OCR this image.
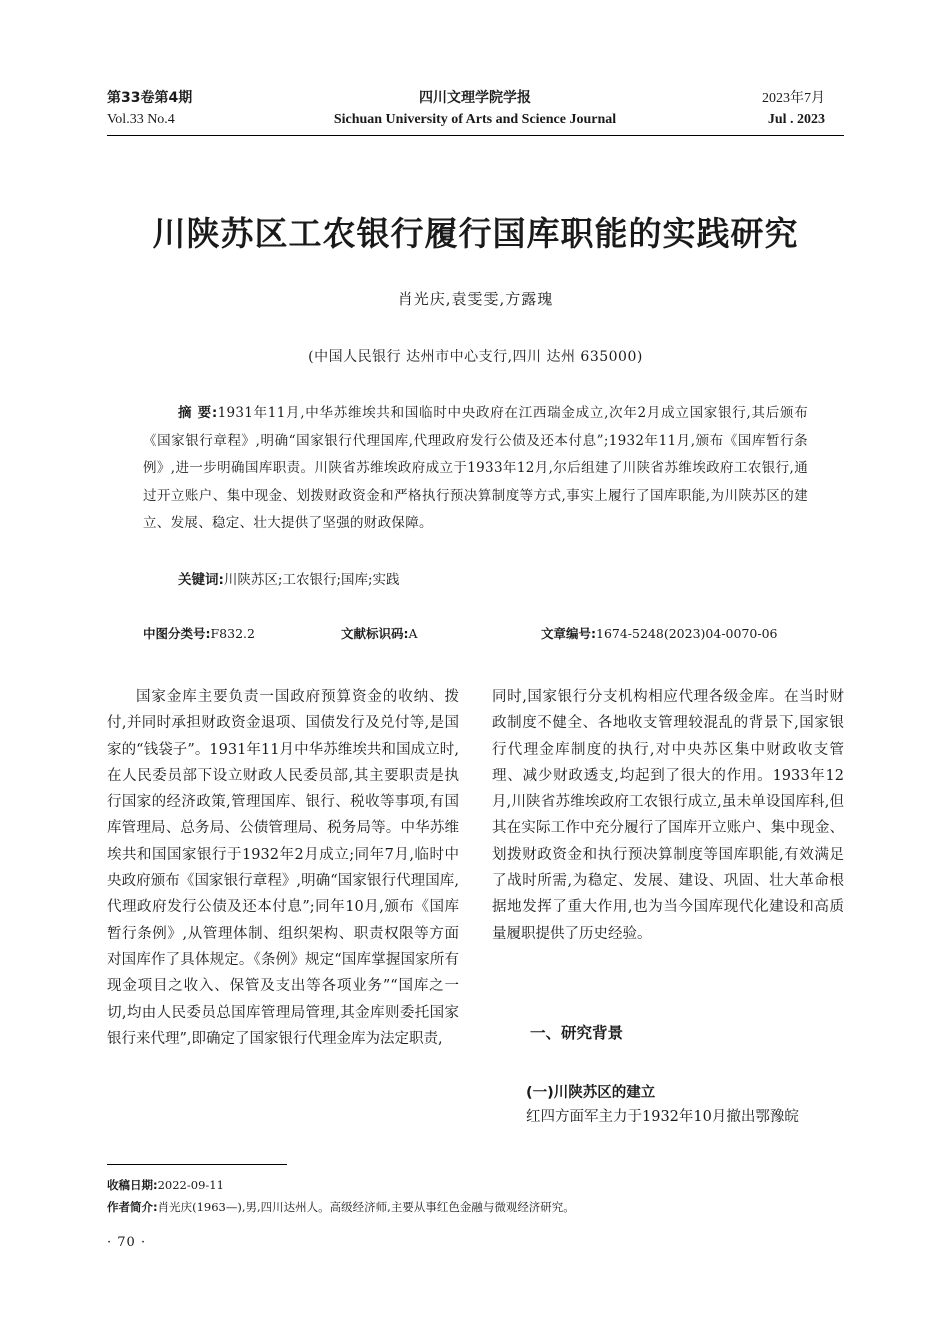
第33卷第4期
Vol.33 No.4
四川文理学院学报
Sichuan University of Arts and Science Journal
2023年7月
Jul . 2023
川陕苏区工农银行履行国库职能的实践研究
肖光庆,袁雯雯,方露瑰
(中国人民银行 达州市中心支行,四川 达州 635000)
摘 要:1931年11月,中华苏维埃共和国临时中央政府在江西瑞金成立,次年2月成立国家银行,其后颁布《国家银行章程》,明确“国家银行代理国库,代理政府发行公债及还本付息”;1932年11月,颁布《国库暂行条例》,进一步明确国库职责。川陕省苏维埃政府成立于1933年12月,尔后组建了川陕省苏维埃政府工农银行,通过开立账户、集中现金、划拨财政资金和严格执行预决算制度等方式,事实上履行了国库职能,为川陕苏区的建立、发展、稳定、壮大提供了坚强的财政保障。
关键词:川陕苏区;工农银行;国库;实践
中图分类号:F832.2	文献标识码:A	文章编号:1674-5248(2023)04-0070-06

国家金库主要负责一国政府预算资金的收纳、拨付,并同时承担财政资金退项、国债发行及兑付等,是国家的“钱袋子”。1931年11月中华苏维埃共和国成立时,在人民委员部下设立财政人民委员部,其主要职责是执行国家的经济政策,管理国库、银行、税收等事项,有国库管理局、总务局、公债管理局、税务局等。中华苏维埃共和国国家银行于1932年2月成立;同年7月,临时中央政府颁布《国家银行章程》,明确“国家银行代理国库,代理政府发行公债及还本付息”;同年10月,颁布《国库暂行条例》,从管理体制、组织架构、职责权限等方面对国库作了具体规定。《条例》规定“国库掌握国家所有现金项目之收入、保管及支出等各项业务”“国库之一切,均由人民委员总国库管理局管理,其金库则委托国家银行来代理”,即确定了国家银行代理金库为法定职责,

同时,国家银行分支机构相应代理各级金库。在当时财政制度不健全、各地收支管理较混乱的背景下,国家银行代理金库制度的执行,对中央苏区集中财政收支管理、减少财政透支,均起到了很大的作用。1933年12月,川陕省苏维埃政府工农银行成立,虽未单设国库科,但其在实际工作中充分履行了国库开立账户、集中现金、划拨财政资金和执行预决算制度等国库职能,有效满足了战时所需,为稳定、发展、建设、巩固、壮大革命根据地发挥了重大作用,也为当今国库现代化建设和高质量履职提供了历史经验。

一、研究背景
(一)川陕苏区的建立
红四方面军主力于1932年10月撤出鄂豫皖
收稿日期:2022-09-11
作者简介:肖光庆(1963—),男,四川达州人。高级经济师,主要从事红色金融与微观经济研究。
· 70 ·
